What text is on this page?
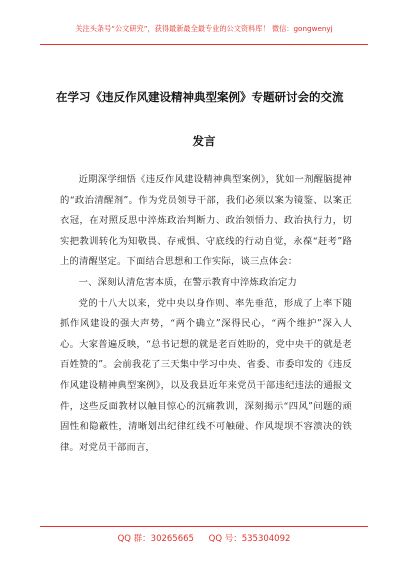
关注头条号“公文研究”，获得最新最全最专业的公文资料库！ 微信：gongwenyj
在学习《违反作风建设精神典型案例》专题研讨会的交流
发言

近期深学细悟《违反作风建设精神典型案例》，犹如一剂醒脑提神的“政治清醒剂”。作为党员领导干部，我们必须以案为镜鉴、以案正衣冠，在对照反思中淬炼政治判断力、政治领悟力、政治执行力，切实把教训转化为知敬畏、存戒惧、守底线的行动自觉，永葆“赶考”路上的清醒坚定。下面结合思想和工作实际，谈三点体会：

一、深刻认清危害本质，在警示教育中淬炼政治定力

党的十八大以来，党中央以身作则、率先垂范，形成了上率下随抓作风建设的强大声势，“两个确立”深得民心，“两个维护”深入人心。大家普遍反映，“总书记想的就是老百姓盼的，党中央干的就是老百姓赞的”。会前我花了三天集中学习中央、省委、市委印发的《违反作风建设精神典型案例》，以及我县近年来党员干部违纪违法的通报文件，这些反面教材以触目惊心的沉痛教训，深刻揭示“四风”问题的顽固性和隐蔽性，清晰划出纪律红线不可触碰、作风堤坝不容溃决的铁律。对党员干部而言，

QQ 群：30265665 QQ 号：535304092
